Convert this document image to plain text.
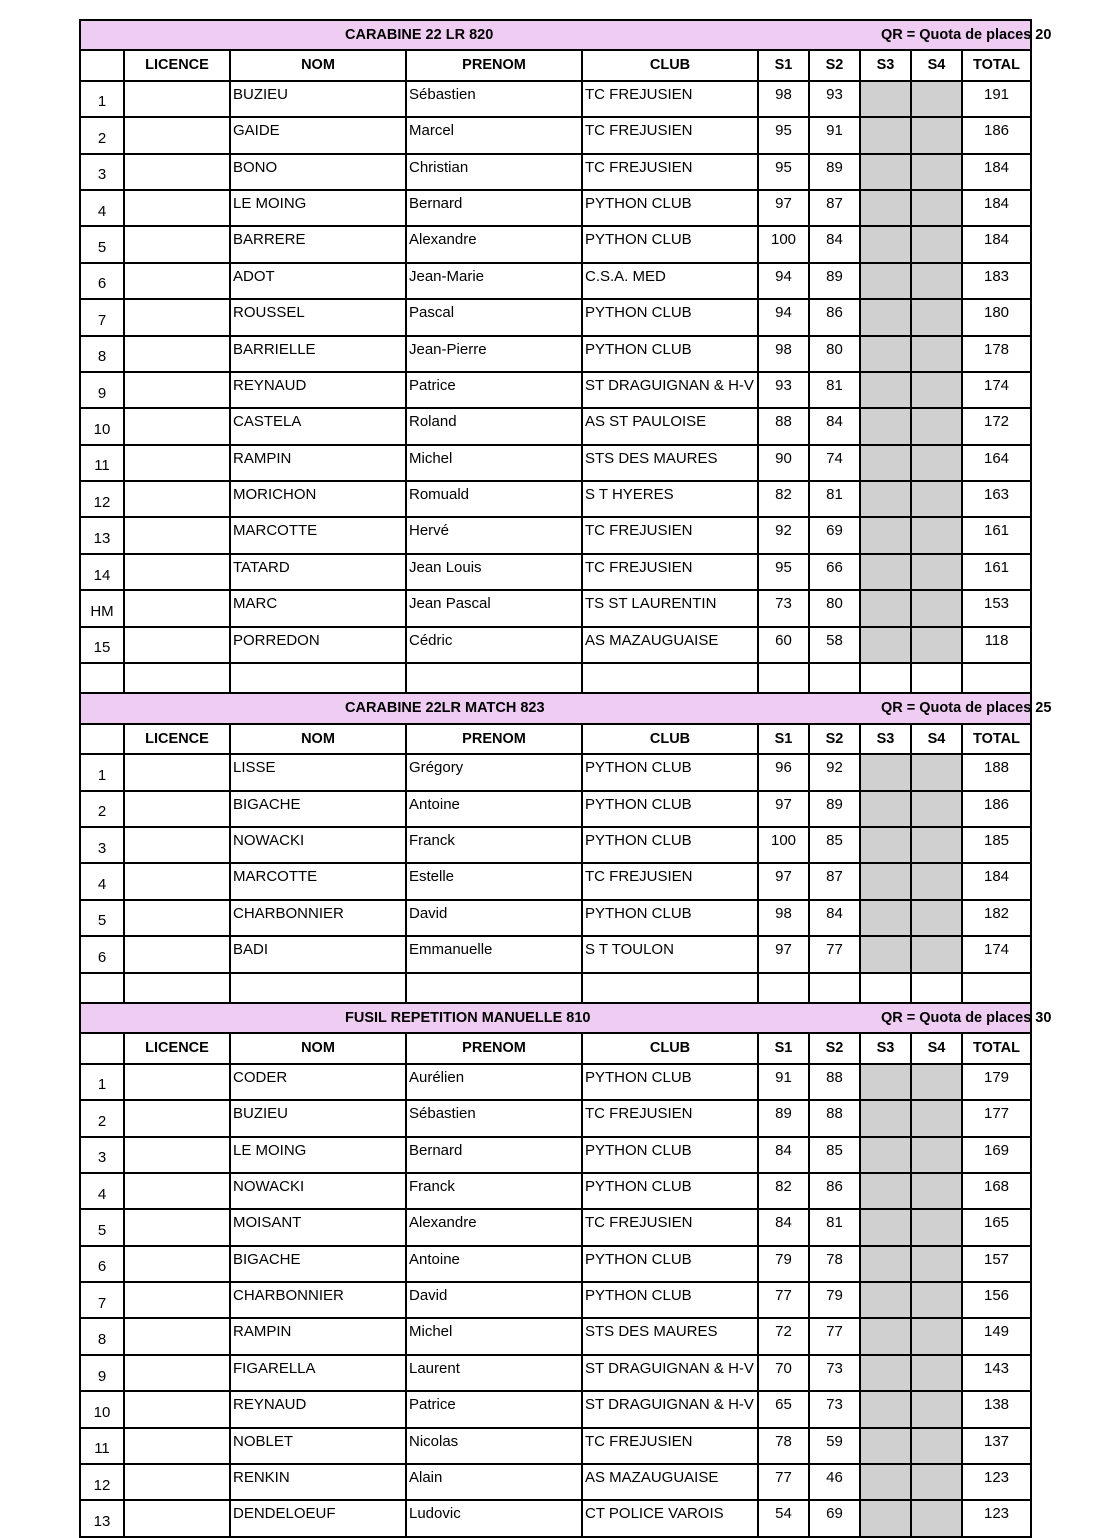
CARABINE 22 LR 820 QR = Quota de places 20									

	LICENCE	NOM	PRENOM	CLUB	S1	S2	S3	S4	TOTAL
1		BUZIEU	Sébastien	TC FREJUSIEN	98	93			191
2		GAIDE	Marcel	TC FREJUSIEN	95	91			186
3		BONO	Christian	TC FREJUSIEN	95	89			184
4		LE MOING	Bernard	PYTHON CLUB	97	87			184
5		BARRERE	Alexandre	PYTHON CLUB	100	84			184
6		ADOT	Jean-Marie	C.S.A. MED	94	89			183
7		ROUSSEL	Pascal	PYTHON CLUB	94	86			180
8		BARRIELLE	Jean-Pierre	PYTHON CLUB	98	80			178
9		REYNAUD	Patrice	ST DRAGUIGNAN & H-V	93	81			174
10		CASTELA	Roland	AS ST PAULOISE	88	84			172
11		RAMPIN	Michel	STS DES MAURES	90	74			164
12		MORICHON	Romuald	S T HYERES	82	81			163
13		MARCOTTE	Hervé	TC FREJUSIEN	92	69			161
14		TATARD	Jean Louis	TC FREJUSIEN	95	66			161
HM		MARC	Jean Pascal	TS ST LAURENTIN	73	80			153
15		PORREDON	Cédric	AS MAZAUGUAISE	60	58			118

CARABINE 22LR MATCH 823 QR = Quota de places 25									

	LICENCE	NOM	PRENOM	CLUB	S1	S2	S3	S4	TOTAL
1		LISSE	Grégory	PYTHON CLUB	96	92			188
2		BIGACHE	Antoine	PYTHON CLUB	97	89			186
3		NOWACKI	Franck	PYTHON CLUB	100	85			185
4		MARCOTTE	Estelle	TC FREJUSIEN	97	87			184
5		CHARBONNIER	David	PYTHON CLUB	98	84			182
6		BADI	Emmanuelle	S T TOULON	97	77			174

FUSIL REPETITION MANUELLE 810 QR = Quota de places 30									

	LICENCE	NOM	PRENOM	CLUB	S1	S2	S3	S4	TOTAL
1		CODER	Aurélien	PYTHON CLUB	91	88			179
2		BUZIEU	Sébastien	TC FREJUSIEN	89	88			177
3		LE MOING	Bernard	PYTHON CLUB	84	85			169
4		NOWACKI	Franck	PYTHON CLUB	82	86			168
5		MOISANT	Alexandre	TC FREJUSIEN	84	81			165
6		BIGACHE	Antoine	PYTHON CLUB	79	78			157
7		CHARBONNIER	David	PYTHON CLUB	77	79			156
8		RAMPIN	Michel	STS DES MAURES	72	77			149
9		FIGARELLA	Laurent	ST DRAGUIGNAN & H-V	70	73			143
10		REYNAUD	Patrice	ST DRAGUIGNAN & H-V	65	73			138
11		NOBLET	Nicolas	TC FREJUSIEN	78	59			137
12		RENKIN	Alain	AS MAZAUGUAISE	77	46			123
13		DENDELOEUF	Ludovic	CT POLICE VAROIS	54	69			123
